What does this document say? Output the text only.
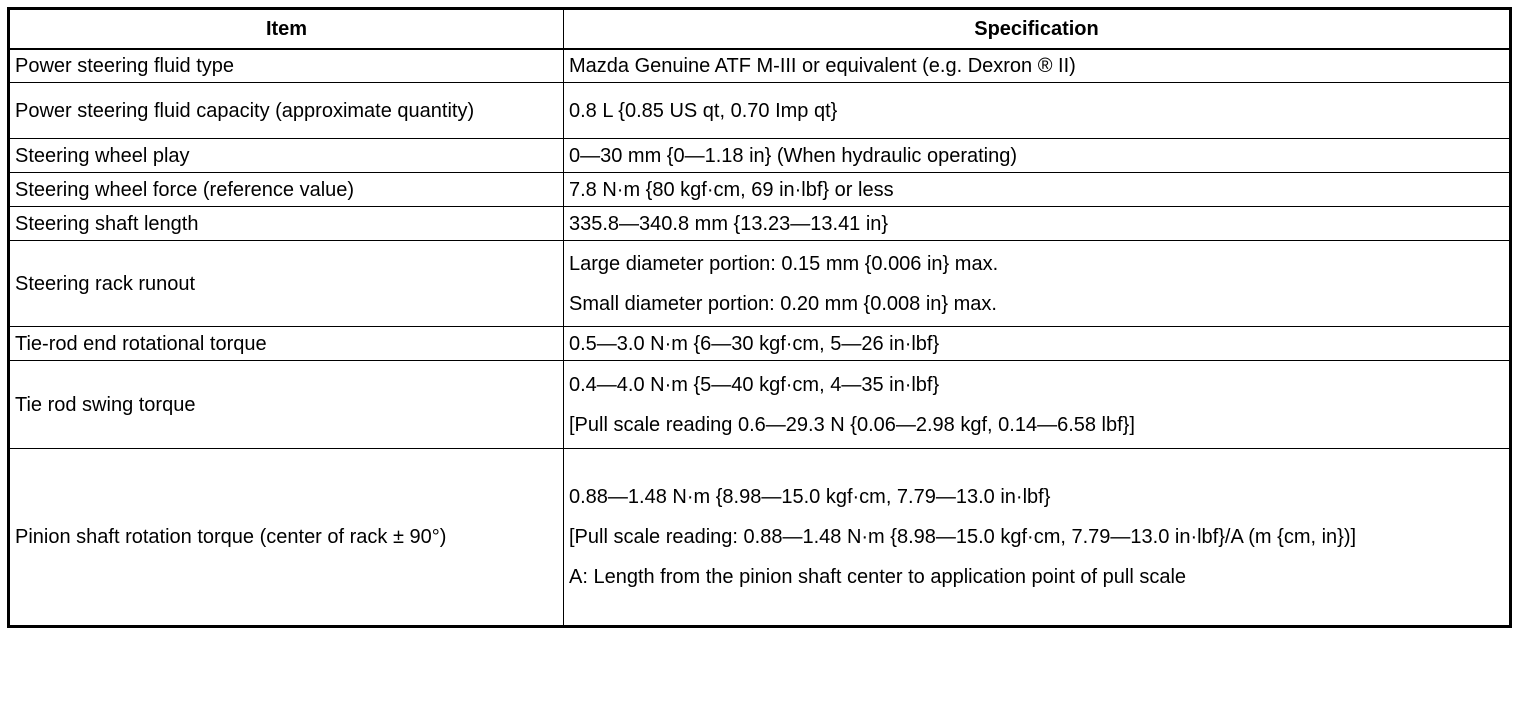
Item	Specification
Power steering fluid type	Mazda Genuine ATF M-III or equivalent (e.g. Dexron ® II)

Power steering fluid capacity (approximate quantity)	0.8 L {0.85 US qt, 0.70 Imp qt}

Steering wheel play	0—30 mm {0—1.18 in} (When hydraulic operating)

Steering wheel force (reference value)	7.8 N·m {80 kgf·cm, 69 in·lbf} or less

Steering shaft length	335.8—340.8 mm {13.23—13.41 in}

Steering rack runout	Large diameter portion: 0.15 mm {0.006 in} max.

Small diameter portion: 0.20 mm {0.008 in} max.

Tie-rod end rotational torque	0.5—3.0 N·m {6—30 kgf·cm, 5—26 in·lbf}

Tie rod swing torque	0.4—4.0 N·m {5—40 kgf·cm, 4—35 in·lbf}

[Pull scale reading 0.6—29.3 N {0.06—2.98 kgf, 0.14—6.58 lbf}]

Pinion shaft rotation torque (center of rack ± 90°)	0.88—1.48 N·m {8.98—15.0 kgf·cm, 7.79—13.0 in·lbf}

[Pull scale reading: 0.88—1.48 N·m {8.98—15.0 kgf·cm, 7.79—13.0 in·lbf}/A (m {cm, in})]

A: Length from the pinion shaft center to application point of pull scale
